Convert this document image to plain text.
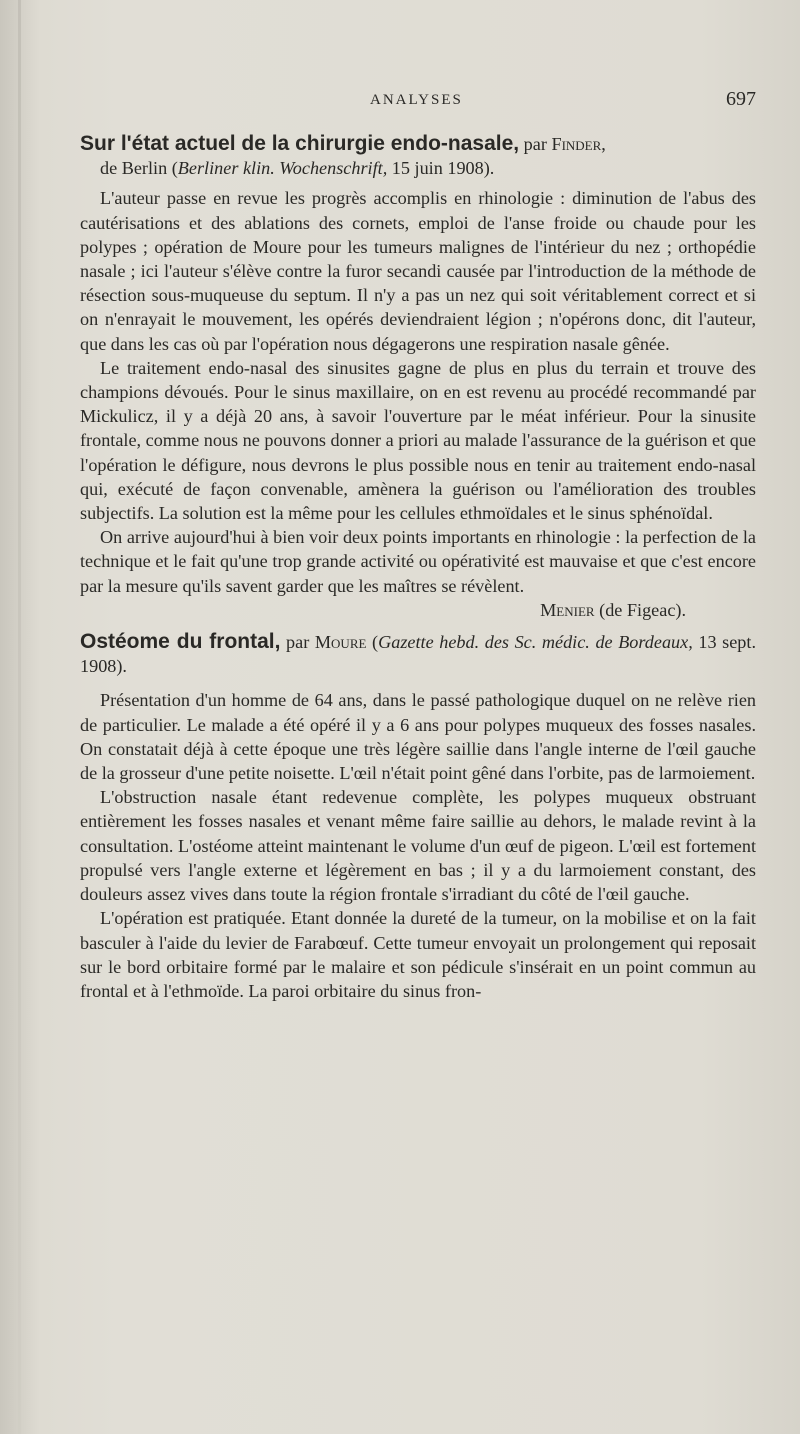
ANALYSES	697

Sur l'état actuel de la chirurgie endo-nasale, par Finder,

de Berlin (Berliner klin. Wochenschrift, 15 juin 1908).

L'auteur passe en revue les progrès accomplis en rhinologie : diminution de l'abus des cautérisations et des ablations des cornets, emploi de l'anse froide ou chaude pour les polypes ; opération de Moure pour les tumeurs malignes de l'intérieur du nez ; orthopédie nasale ; ici l'auteur s'élève contre la furor secandi causée par l'introduction de la méthode de résection sous-muqueuse du septum. Il n'y a pas un nez qui soit véritablement correct et si on n'enrayait le mouvement, les opérés deviendraient légion ; n'opérons donc, dit l'auteur, que dans les cas où par l'opération nous dégagerons une respiration nasale gênée.

Le traitement endo-nasal des sinusites gagne de plus en plus du terrain et trouve des champions dévoués. Pour le sinus maxillaire, on en est revenu au procédé recommandé par Mickulicz, il y a déjà 20 ans, à savoir l'ouverture par le méat inférieur. Pour la sinusite frontale, comme nous ne pouvons donner a priori au malade l'assurance de la guérison et que l'opération le défigure, nous devrons le plus possible nous en tenir au traitement endo-nasal qui, exécuté de façon convenable, amènera la guérison ou l'amélioration des troubles subjectifs. La solution est la même pour les cellules ethmoïdales et le sinus sphénoïdal.

On arrive aujourd'hui à bien voir deux points importants en rhinologie : la perfection de la technique et le fait qu'une trop grande activité ou opérativité est mauvaise et que c'est encore par la mesure qu'ils savent garder que les maîtres se révèlent.

Menier (de Figeac).

Ostéome du frontal, par Moure (Gazette hebd. des Sc. médic. de Bordeaux, 13 sept. 1908).

Présentation d'un homme de 64 ans, dans le passé pathologique duquel on ne relève rien de particulier. Le malade a été opéré il y a 6 ans pour polypes muqueux des fosses nasales. On constatait déjà à cette époque une très légère saillie dans l'angle interne de l'œil gauche de la grosseur d'une petite noisette. L'œil n'était point gêné dans l'orbite, pas de larmoiement.

L'obstruction nasale étant redevenue complète, les polypes muqueux obstruant entièrement les fosses nasales et venant même faire saillie au dehors, le malade revint à la consultation. L'ostéome atteint maintenant le volume d'un œuf de pigeon. L'œil est fortement propulsé vers l'angle externe et légèrement en bas ; il y a du larmoiement constant, des douleurs assez vives dans toute la région frontale s'irradiant du côté de l'œil gauche.

L'opération est pratiquée. Etant donnée la dureté de la tumeur, on la mobilise et on la fait basculer à l'aide du levier de Farabœuf. Cette tumeur envoyait un prolongement qui reposait sur le bord orbitaire formé par le malaire et son pédicule s'insérait en un point commun au frontal et à l'ethmoïde. La paroi orbitaire du sinus fron-
